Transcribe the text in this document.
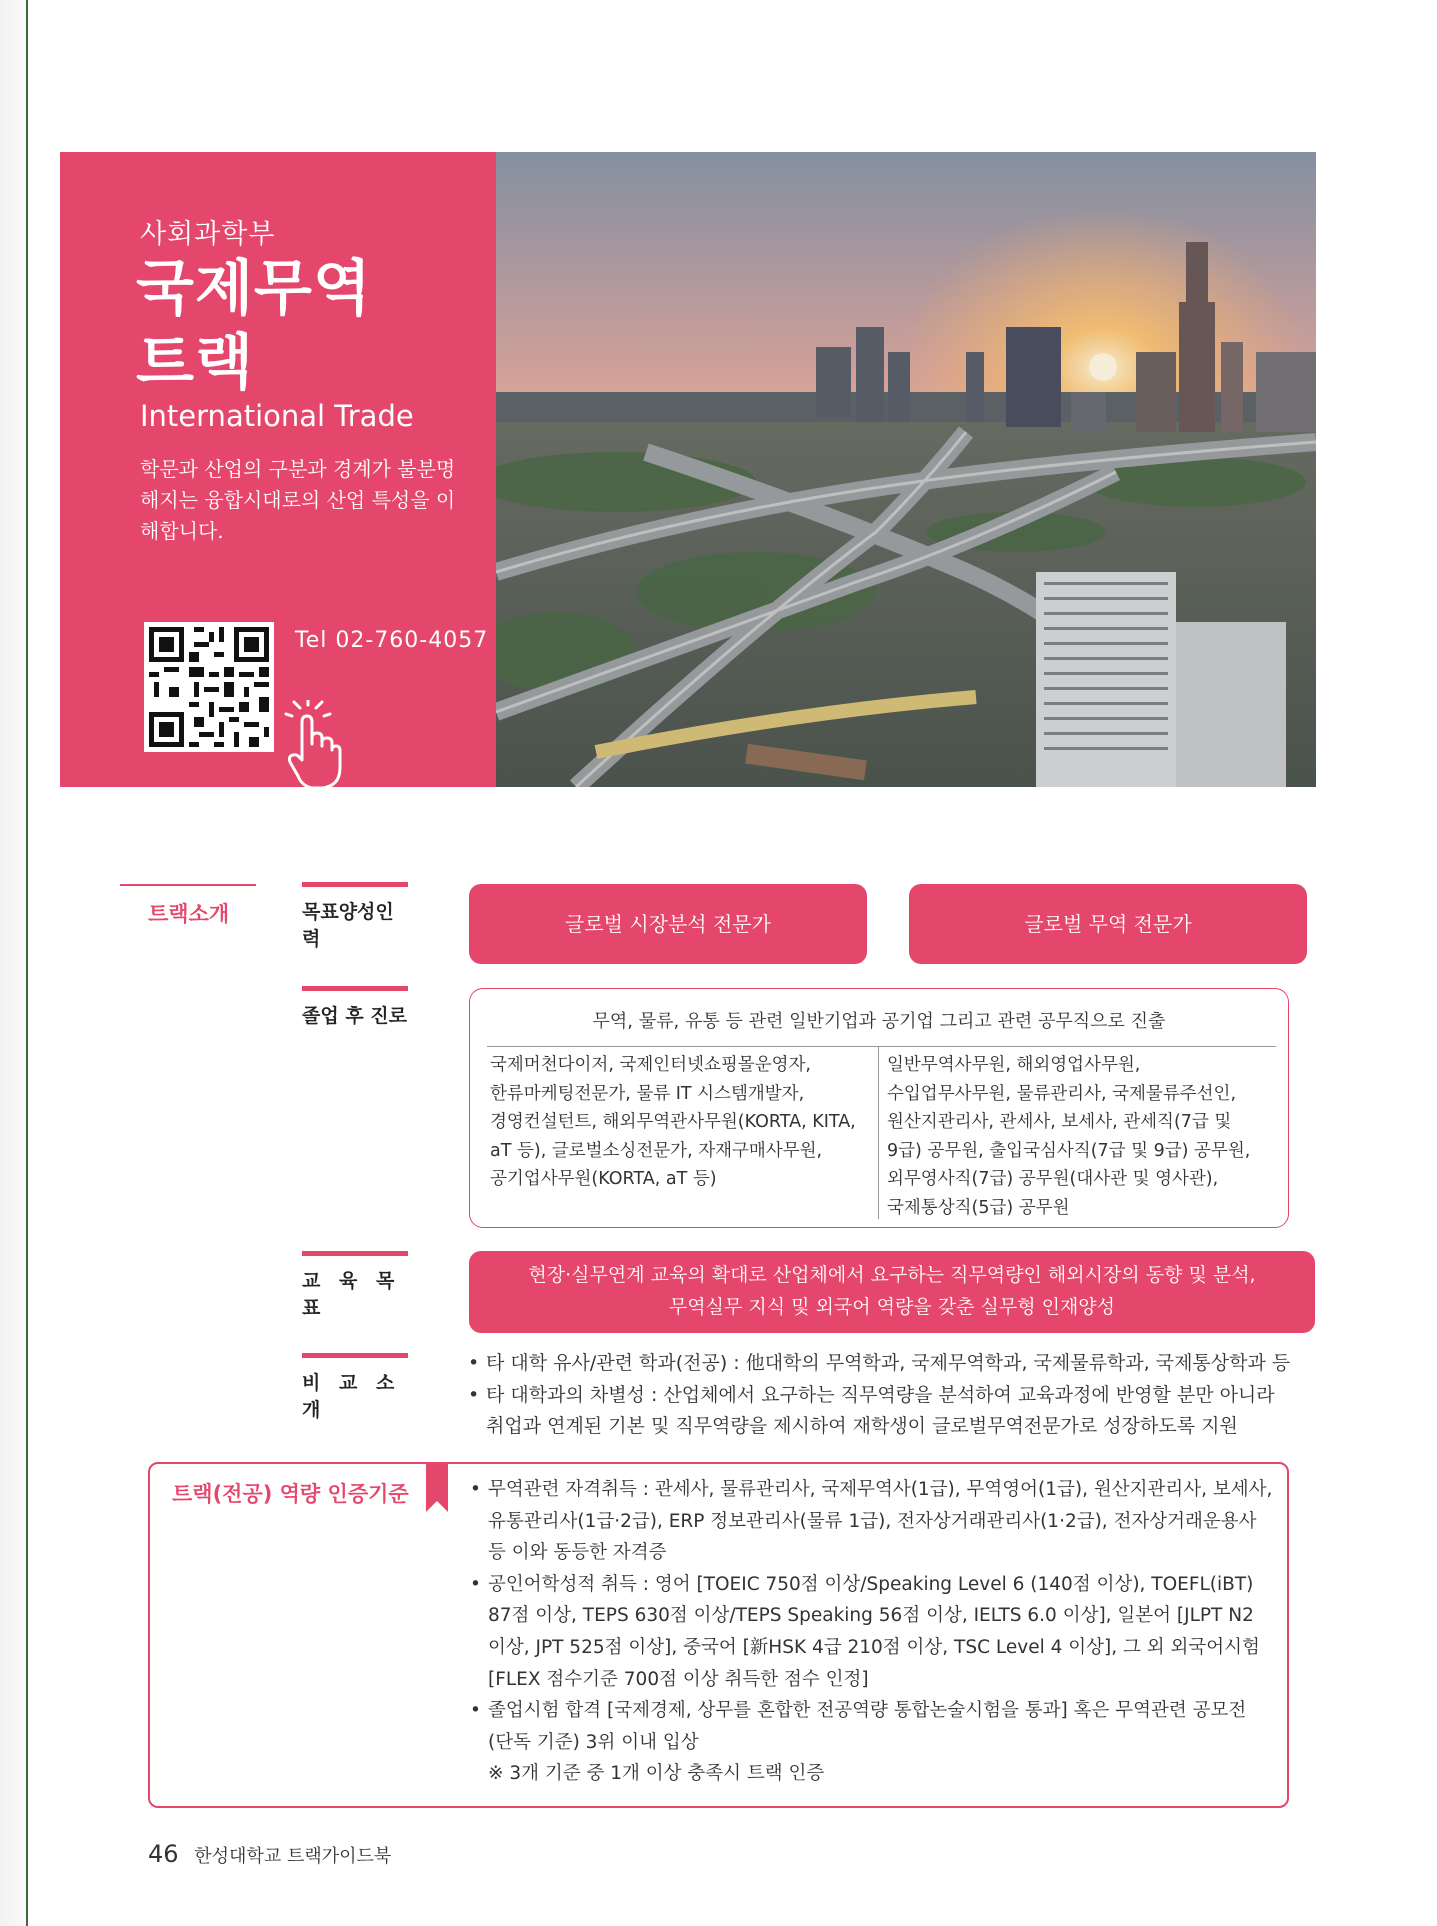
사회과학부
국제무역
트랙
International Trade
학문과 산업의 구분과 경계가 불분명해지는 융합시대로의 산업 특성을 이해합니다.
Tel 02-760-4057
트랙소개	목표양성인력
글로벌 시장분석 전문가	글로벌 무역 전문가
졸업 후 진로	무역, 물류, 유통 등 관련 일반기업과 공기업 그리고 관련 공무직으로 진출
국제머천다이저, 국제인터넷쇼핑몰운영자,
한류마케팅전문가, 물류 IT 시스템개발자,
경영컨설턴트, 해외무역관사무원(KORTA, KITA,
aT 등), 글로벌소싱전문가, 자재구매사무원,
공기업사무원(KORTA, aT 등)
일반무역사무원, 해외영업사무원,
수입업무사무원, 물류관리사, 국제물류주선인,
원산지관리사, 관세사, 보세사, 관세직(7급 및
9급) 공무원, 출입국심사직(7급 및 9급) 공무원,
외무영사직(7급) 공무원(대사관 및 영사관),
국제통상직(5급) 공무원
교 육 목 표
현장·실무연계 교육의 확대로 산업체에서 요구하는 직무역량인 해외시장의 동향 및 분석,
무역실무 지식 및 외국어 역량을 갖춘 실무형 인재양성
비 교 소 개
• 타 대학 유사/관련 학과(전공) : 他대학의 무역학과, 국제무역학과, 국제물류학과, 국제통상학과 등
• 타 대학과의 차별성 : 산업체에서 요구하는 직무역량을 분석하여 교육과정에 반영할 분만 아니라
취업과 연계된 기본 및 직무역량을 제시하여 재학생이 글로벌무역전문가로 성장하도록 지원
트랙(전공) 역량 인증기준
•	무역관련 자격취득 : 관세사, 물류관리사, 국제무역사(1급), 무역영어(1급), 원산지관리사, 보세사,
유통관리사(1급·2급), ERP 정보관리사(물류 1급), 전자상거래관리사(1·2급), 전자상거래운용사
등 이와 동등한 자격증
• 공인어학성적 취득 : 영어 [TOEIC 750점 이상/Speaking Level 6 (140점 이상), TOEFL(iBT)
87점 이상, TEPS 630점 이상/TEPS Speaking 56점 이상, IELTS 6.0 이상], 일본어 [JLPT N2
이상, JPT 525점 이상], 중국어 [新HSK 4급 210점 이상, TSC Level 4 이상], 그 외 외국어시험
[FLEX 점수기준 700점 이상 취득한 점수 인정]
• 졸업시험 합격 [국제경제, 상무를 혼합한 전공역량 통합논술시험을 통과] 혹은 무역관련 공모전
(단독 기준) 3위 이내 입상
※ 3개 기준 중 1개 이상 충족시 트랙 인증
46 한성대학교 트랙가이드북
